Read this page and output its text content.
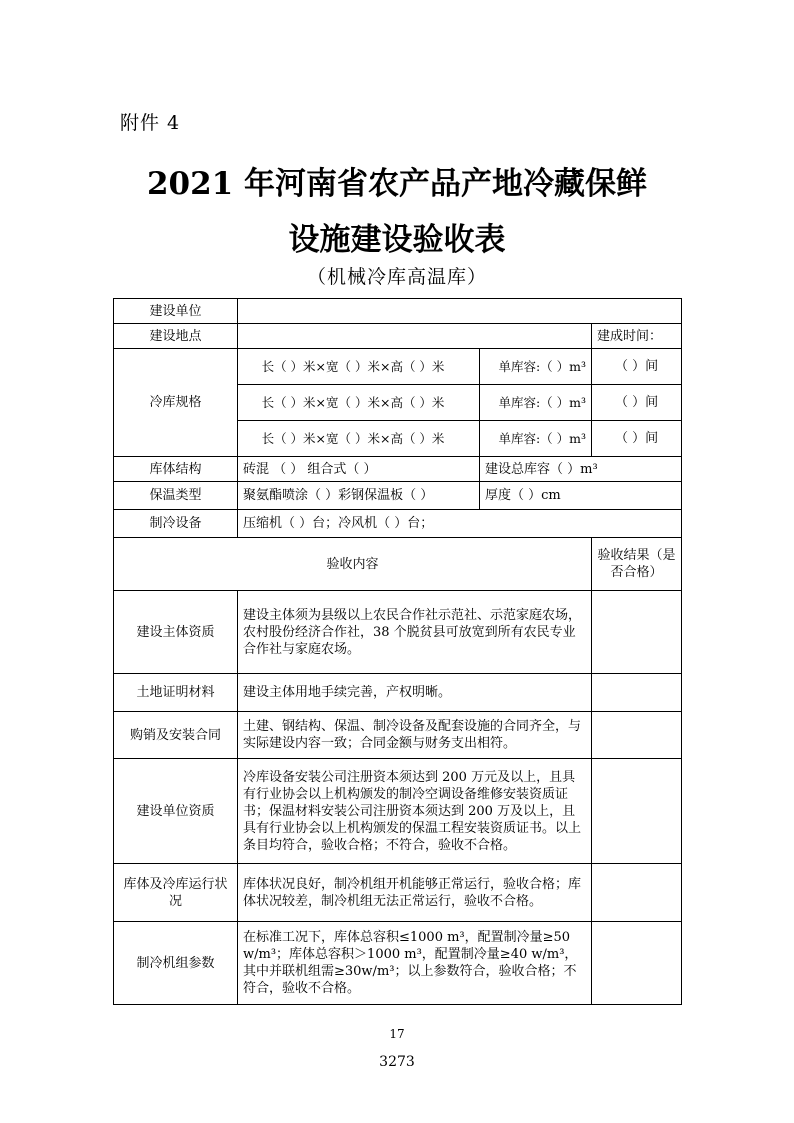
附件 4
2021 年河南省农产品产地冷藏保鲜
设施建设验收表
（机械冷库高温库）
建设单位			
建设地点			建成时间：
冷库规格	长（ ）米×宽（ ）米×高（ ）米	单库容:（ ）m³	（ ）间
	长（ ）米×宽（ ）米×高（ ）米	单库容:（ ）m³	（ ）间
	长（ ）米×宽（ ）米×高（ ）米	单库容:（ ）m³	（ ）间
库体结构	砖混 （ ） 组合式（ ）	建设总库容（ ）m³	
保温类型	聚氨酯喷涂（ ）彩钢保温板（ ）	厚度（ ）cm	
制冷设备	压缩机（ ）台；冷风机（ ）台；		
验收内容			验收结果（是否合格）
建设主体资质	建设主体须为县级以上农民合作社示范社、示范家庭农场，农村股份经济合作社，38 个脱贫县可放宽到所有农民专业合作社与家庭农场。		
土地证明材料	建设主体用地手续完善，产权明晰。		
购销及安装合同	土建、钢结构、保温、制冷设备及配套设施的合同齐全，与实际建设内容一致；合同金额与财务支出相符。		
建设单位资质	冷库设备安装公司注册资本须达到 200 万元及以上，且具有行业协会以上机构颁发的制冷空调设备维修安装资质证书；保温材料安装公司注册资本须达到 200 万及以上，且具有行业协会以上机构颁发的保温工程安装资质证书。以上条目均符合，验收合格；不符合，验收不合格。		
库体及冷库运行状况	库体状况良好，制冷机组开机能够正常运行，验收合格；库体状况较差，制冷机组无法正常运行，验收不合格。		
制冷机组参数	在标准工况下，库体总容积≤1000 m³，配置制冷量≥50 w/m³；库体总容积＞1000 m³，配置制冷量≥40 w/m³，其中并联机组需≥30w/m³；以上参数符合，验收合格；不符合，验收不合格。		
17
3273
